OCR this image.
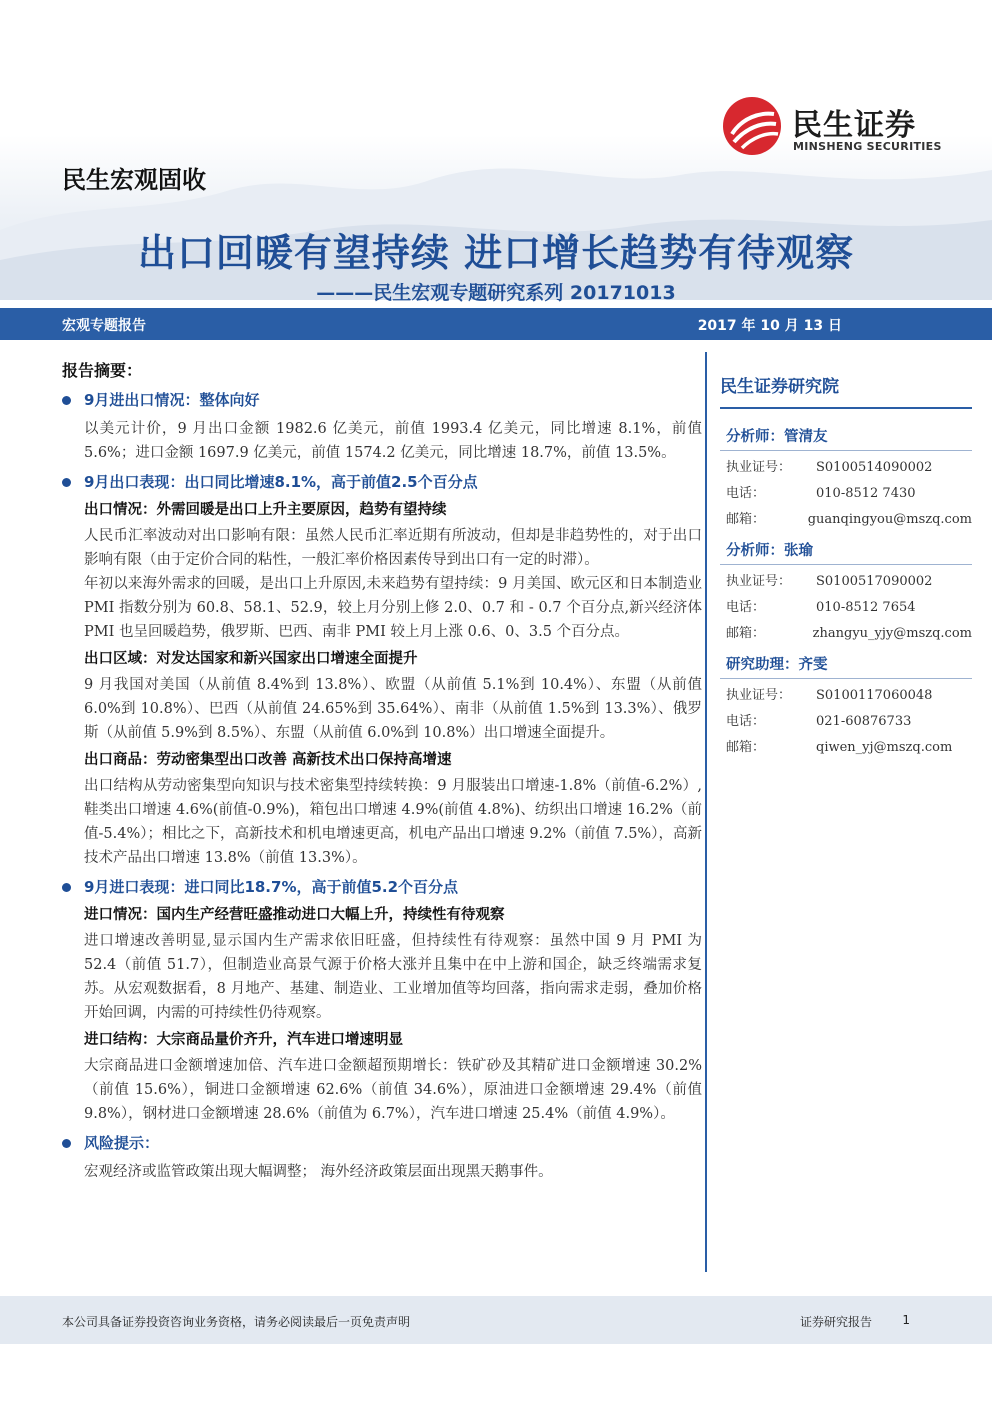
民生证券
MINSHENG SECURITIES
民生宏观固收
出口回暖有望持续 进口增长趋势有待观察
———民生宏观专题研究系列 20171013
宏观专题报告	2017 年 10 月 13 日
报告摘要：
9月进出口情况：整体向好
以美元计价，9 月出口金额 1982.6 亿美元，前值 1993.4 亿美元，同比增速 8.1%，前值 5.6%；进口金额 1697.9 亿美元，前值 1574.2 亿美元，同比增速 18.7%，前值 13.5%。
9月出口表现：出口同比增速8.1%，高于前值2.5个百分点
出口情况：外需回暖是出口上升主要原因，趋势有望持续
人民币汇率波动对出口影响有限：虽然人民币汇率近期有所波动，但却是非趋势性的，对于出口影响有限（由于定价合同的粘性，一般汇率价格因素传导到出口有一定的时滞）。
年初以来海外需求的回暖，是出口上升原因,未来趋势有望持续：9 月美国、欧元区和日本制造业 PMI 指数分别为 60.8、58.1、52.9，较上月分别上修 2.0、0.7 和 - 0.7 个百分点,新兴经济体 PMI 也呈回暖趋势，俄罗斯、巴西、南非 PMI 较上月上涨 0.6、0、3.5 个百分点。
出口区域：对发达国家和新兴国家出口增速全面提升
9 月我国对美国（从前值 8.4%到 13.8%）、欧盟（从前值 5.1%到 10.4%）、东盟（从前值 6.0%到 10.8%）、巴西（从前值 24.65%到 35.64%）、南非（从前值 1.5%到 13.3%）、俄罗斯（从前值 5.9%到 8.5%）、东盟（从前值 6.0%到 10.8%）出口增速全面提升。
出口商品：劳动密集型出口改善 高新技术出口保持高增速
出口结构从劳动密集型向知识与技术密集型持续转换：9 月服装出口增速-1.8%（前值-6.2%）,鞋类出口增速 4.6%(前值-0.9%)，箱包出口增速 4.9%(前值 4.8%)、纺织出口增速 16.2%（前值-5.4%）；相比之下，高新技术和机电增速更高，机电产品出口增速 9.2%（前值 7.5%），高新技术产品出口增速 13.8%（前值 13.3%）。
9月进口表现：进口同比18.7%，高于前值5.2个百分点
进口情况：国内生产经营旺盛推动进口大幅上升，持续性有待观察
进口增速改善明显,显示国内生产需求依旧旺盛，但持续性有待观察：虽然中国 9 月 PMI 为 52.4（前值 51.7），但制造业高景气源于价格大涨并且集中在中上游和国企，缺乏终端需求复苏。从宏观数据看，8 月地产、基建、制造业、工业增加值等均回落，指向需求走弱，叠加价格开始回调，内需的可持续性仍待观察。
进口结构：大宗商品量价齐升，汽车进口增速明显
大宗商品进口金额增速加倍、汽车进口金额超预期增长：铁矿砂及其精矿进口金额增速 30.2%（前值 15.6%），铜进口金额增速 62.6%（前值 34.6%），原油进口金额增速 29.4%（前值 9.8%），钢材进口金额增速 28.6%（前值为 6.7%），汽车进口增速 25.4%（前值 4.9%）。
风险提示：
宏观经济或监管政策出现大幅调整； 海外经济政策层面出现黑天鹅事件。
民生证券研究院
分析师：管清友
执业证号：	S0100514090002
电话：	010-8512 7430
邮箱：	guanqingyou@mszq.com
分析师：张瑜
执业证号：	S0100517090002
电话：	010-8512 7654
邮箱：	zhangyu_yjy@mszq.com
研究助理：齐雯
执业证号：	S0100117060048
电话：	021-60876733
邮箱：	qiwen_yj@mszq.com
本公司具备证券投资咨询业务资格，请务必阅读最后一页免责声明	证券研究报告	1
